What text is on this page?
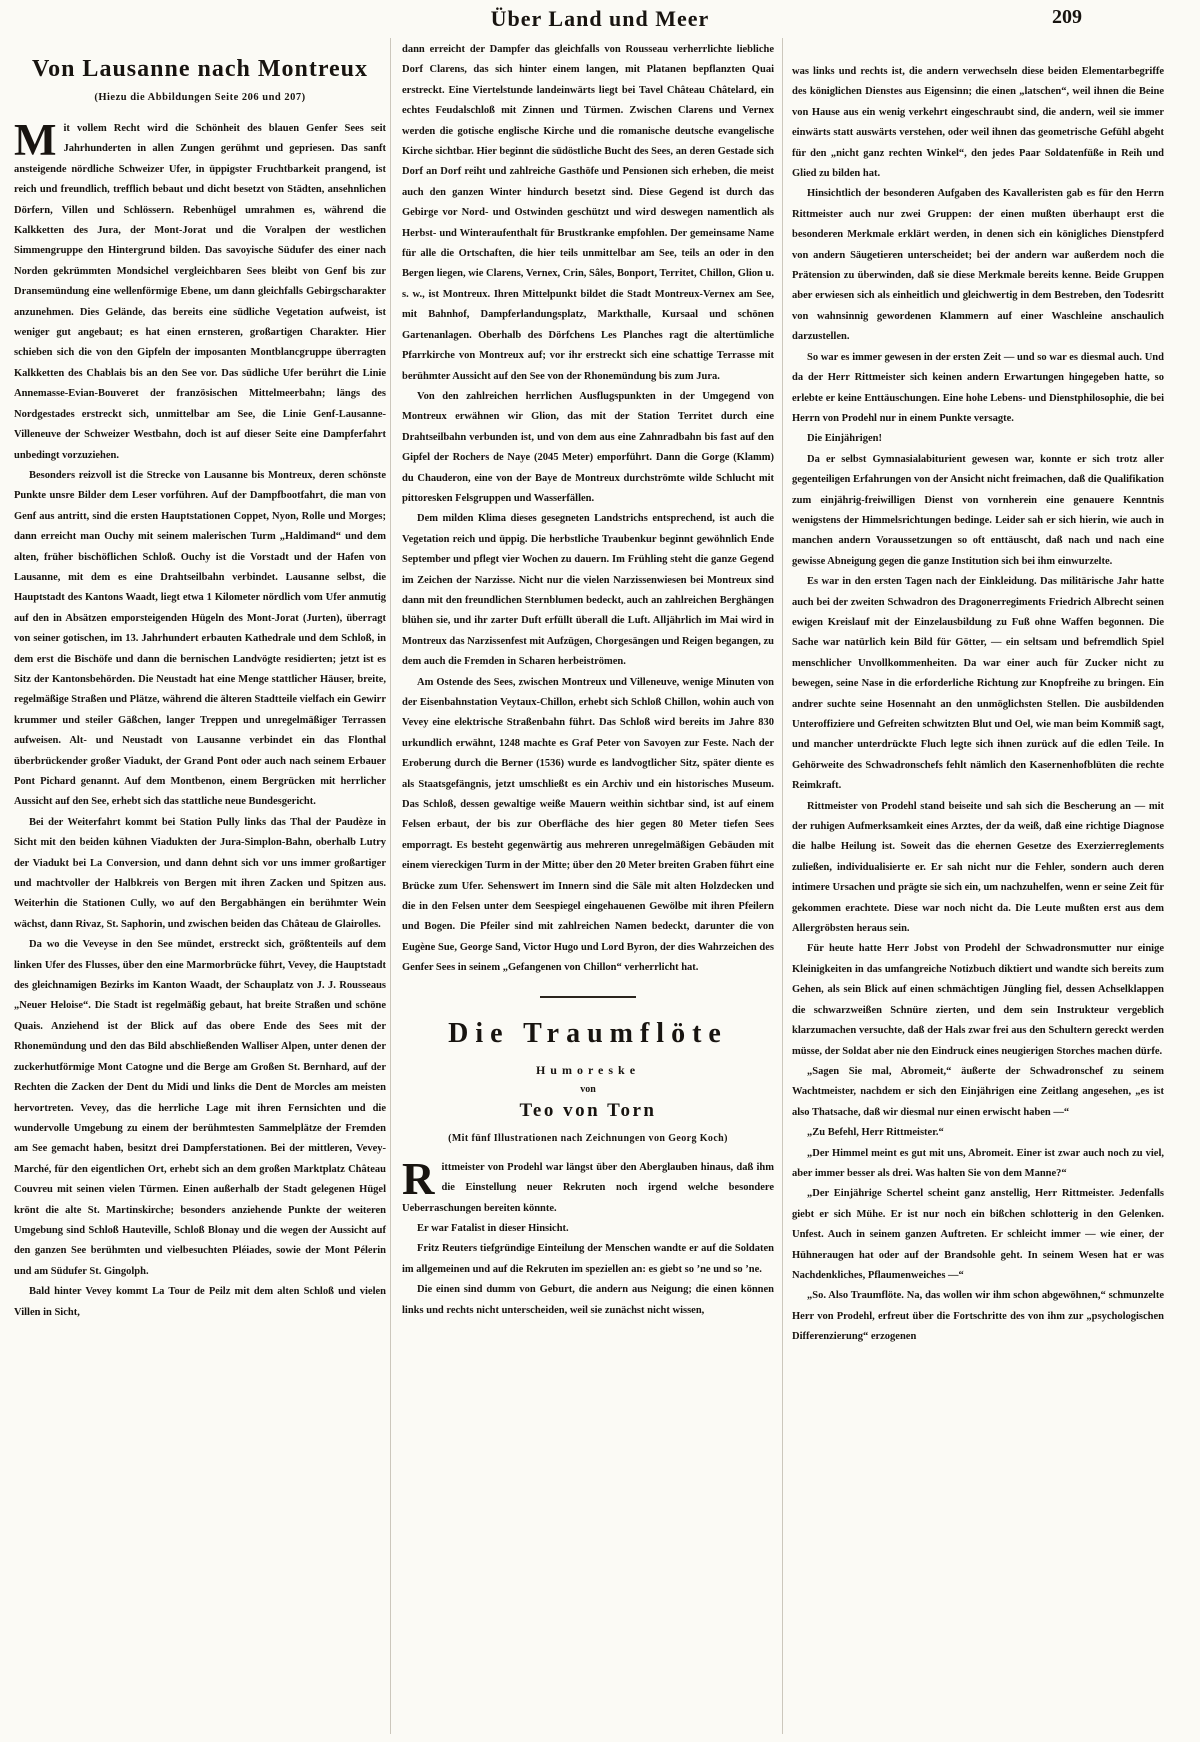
Über Land und Meer	209
Von Lausanne nach Montreux
(Hiezu die Abbildungen Seite 206 und 207)

Mit vollem Recht wird die Schönheit des blauen Genfer Sees seit Jahrhunderten in allen Zungen gerühmt und gepriesen. Das sanft ansteigende nördliche Schweizer Ufer, in üppigster Fruchtbarkeit prangend, ist reich und freundlich, trefflich bebaut und dicht besetzt von Städten, ansehnlichen Dörfern, Villen und Schlössern. Rebenhügel umrahmen es, während die Kalkketten des Jura, der Mont-Jorat und die Voralpen der westlichen Simmengruppe den Hintergrund bilden. Das savoyische Südufer des einer nach Norden gekrümmten Mondsichel vergleichbaren Sees bleibt von Genf bis zur Dransemündung eine wellenförmige Ebene, um dann gleichfalls Gebirgscharakter anzunehmen. Dies Gelände, das bereits eine südliche Vegetation aufweist, ist weniger gut angebaut; es hat einen ernsteren, großartigen Charakter. Hier schieben sich die von den Gipfeln der imposanten Montblancgruppe überragten Kalkketten des Chablais bis an den See vor. Das südliche Ufer berührt die Linie Annemasse-Evian-Bouveret der französischen Mittelmeerbahn; längs des Nordgestades erstreckt sich, unmittelbar am See, die Linie Genf-Lausanne-Villeneuve der Schweizer Westbahn, doch ist auf dieser Seite eine Dampferfahrt unbedingt vorzuziehen.

Besonders reizvoll ist die Strecke von Lausanne bis Montreux, deren schönste Punkte unsre Bilder dem Leser vorführen. Auf der Dampfbootfahrt, die man von Genf aus antritt, sind die ersten Hauptstationen Coppet, Nyon, Rolle und Morges; dann erreicht man Ouchy mit seinem malerischen Turm „Haldimand“ und dem alten, früher bischöflichen Schloß. Ouchy ist die Vorstadt und der Hafen von Lausanne, mit dem es eine Drahtseilbahn verbindet. Lausanne selbst, die Hauptstadt des Kantons Waadt, liegt etwa 1 Kilometer nördlich vom Ufer anmutig auf den in Absätzen emporsteigenden Hügeln des Mont-Jorat (Jurten), überragt von seiner gotischen, im 13. Jahrhundert erbauten Kathedrale und dem Schloß, in dem erst die Bischöfe und dann die bernischen Landvögte residierten; jetzt ist es Sitz der Kantonsbehörden. Die Neustadt hat eine Menge stattlicher Häuser, breite, regelmäßige Straßen und Plätze, während die älteren Stadtteile vielfach ein Gewirr krummer und steiler Gäßchen, langer Treppen und unregelmäßiger Terrassen aufweisen. Alt- und Neustadt von Lausanne verbindet ein das Flonthal überbrückender großer Viadukt, der Grand Pont oder auch nach seinem Erbauer Pont Pichard genannt. Auf dem Montbenon, einem Bergrücken mit herrlicher Aussicht auf den See, erhebt sich das stattliche neue Bundesgericht.

Bei der Weiterfahrt kommt bei Station Pully links das Thal der Paudèze in Sicht mit den beiden kühnen Viadukten der Jura-Simplon-Bahn, oberhalb Lutry der Viadukt bei La Conversion, und dann dehnt sich vor uns immer großartiger und machtvoller der Halbkreis von Bergen mit ihren Zacken und Spitzen aus. Weiterhin die Stationen Cully, wo auf den Bergabhängen ein berühmter Wein wächst, dann Rivaz, St. Saphorin, und zwischen beiden das Château de Glairolles.

Da wo die Veveyse in den See mündet, erstreckt sich, größtenteils auf dem linken Ufer des Flusses, über den eine Marmorbrücke führt, Vevey, die Hauptstadt des gleichnamigen Bezirks im Kanton Waadt, der Schauplatz von J. J. Rousseaus „Neuer Heloise“. Die Stadt ist regelmäßig gebaut, hat breite Straßen und schöne Quais. Anziehend ist der Blick auf das obere Ende des Sees mit der Rhonemündung und den das Bild abschließenden Walliser Alpen, unter denen der zuckerhutförmige Mont Catogne und die Berge am Großen St. Bernhard, auf der Rechten die Zacken der Dent du Midi und links die Dent de Morcles am meisten hervortreten. Vevey, das die herrliche Lage mit ihren Fernsichten und die wundervolle Umgebung zu einem der berühmtesten Sammelplätze der Fremden am See gemacht haben, besitzt drei Dampferstationen. Bei der mittleren, Vevey-Marché, für den eigentlichen Ort, erhebt sich an dem großen Marktplatz Château Couvreu mit seinen vielen Türmen. Einen außerhalb der Stadt gelegenen Hügel krönt die alte St. Martinskirche; besonders anziehende Punkte der weiteren Umgebung sind Schloß Hauteville, Schloß Blonay und die wegen der Aussicht auf den ganzen See berühmten und vielbesuchten Pléiades, sowie der Mont Pélerin und am Südufer St. Gingolph.

Bald hinter Vevey kommt La Tour de Peilz mit dem alten Schloß und vielen Villen in Sicht,

dann erreicht der Dampfer das gleichfalls von Rousseau verherrlichte liebliche Dorf Clarens, das sich hinter einem langen, mit Platanen bepflanzten Quai erstreckt. Eine Viertelstunde landeinwärts liegt bei Tavel Château Châtelard, ein echtes Feudalschloß mit Zinnen und Türmen. Zwischen Clarens und Vernex werden die gotische englische Kirche und die romanische deutsche evangelische Kirche sichtbar. Hier beginnt die südöstliche Bucht des Sees, an deren Gestade sich Dorf an Dorf reiht und zahlreiche Gasthöfe und Pensionen sich erheben, die meist auch den ganzen Winter hindurch besetzt sind. Diese Gegend ist durch das Gebirge vor Nord- und Ostwinden geschützt und wird deswegen namentlich als Herbst- und Winteraufenthalt für Brustkranke empfohlen. Der gemeinsame Name für alle die Ortschaften, die hier teils unmittelbar am See, teils an oder in den Bergen liegen, wie Clarens, Vernex, Crin, Sâles, Bonport, Territet, Chillon, Glion u. s. w., ist Montreux. Ihren Mittelpunkt bildet die Stadt Montreux-Vernex am See, mit Bahnhof, Dampferlandungsplatz, Markthalle, Kursaal und schönen Gartenanlagen. Oberhalb des Dörfchens Les Planches ragt die altertümliche Pfarrkirche von Montreux auf; vor ihr erstreckt sich eine schattige Terrasse mit berühmter Aussicht auf den See von der Rhonemündung bis zum Jura.

Von den zahlreichen herrlichen Ausflugspunkten in der Umgegend von Montreux erwähnen wir Glion, das mit der Station Territet durch eine Drahtseilbahn verbunden ist, und von dem aus eine Zahnradbahn bis fast auf den Gipfel der Rochers de Naye (2045 Meter) emporführt. Dann die Gorge (Klamm) du Chauderon, eine von der Baye de Montreux durchströmte wilde Schlucht mit pittoresken Felsgruppen und Wasserfällen.

Dem milden Klima dieses gesegneten Landstrichs entsprechend, ist auch die Vegetation reich und üppig. Die herbstliche Traubenkur beginnt gewöhnlich Ende September und pflegt vier Wochen zu dauern. Im Frühling steht die ganze Gegend im Zeichen der Narzisse. Nicht nur die vielen Narzissenwiesen bei Montreux sind dann mit den freundlichen Sternblumen bedeckt, auch an zahlreichen Berghängen blühen sie, und ihr zarter Duft erfüllt überall die Luft. Alljährlich im Mai wird in Montreux das Narzissenfest mit Aufzügen, Chorgesängen und Reigen begangen, zu dem auch die Fremden in Scharen herbeiströmen.

Am Ostende des Sees, zwischen Montreux und Villeneuve, wenige Minuten von der Eisenbahnstation Veytaux-Chillon, erhebt sich Schloß Chillon, wohin auch von Vevey eine elektrische Straßenbahn führt. Das Schloß wird bereits im Jahre 830 urkundlich erwähnt, 1248 machte es Graf Peter von Savoyen zur Feste. Nach der Eroberung durch die Berner (1536) wurde es landvogtlicher Sitz, später diente es als Staatsgefängnis, jetzt umschließt es ein Archiv und ein historisches Museum. Das Schloß, dessen gewaltige weiße Mauern weithin sichtbar sind, ist auf einem Felsen erbaut, der bis zur Oberfläche des hier gegen 80 Meter tiefen Sees emporragt. Es besteht gegenwärtig aus mehreren unregelmäßigen Gebäuden mit einem viereckigen Turm in der Mitte; über den 20 Meter breiten Graben führt eine Brücke zum Ufer. Sehenswert im Innern sind die Säle mit alten Holzdecken und die in den Felsen unter dem Seespiegel eingehauenen Gewölbe mit ihren Pfeilern und Bogen. Die Pfeiler sind mit zahlreichen Namen bedeckt, darunter die von Eugène Sue, George Sand, Victor Hugo und Lord Byron, der dies Wahrzeichen des Genfer Sees in seinem „Gefangenen von Chillon“ verherrlicht hat.

Die Traumflöte
Humoreske
von
Teo von Torn
(Mit fünf Illustrationen nach Zeichnungen von Georg Koch)

Rittmeister von Prodehl war längst über den Aberglauben hinaus, daß ihm die Einstellung neuer Rekruten noch irgend welche besondere Ueberraschungen bereiten könnte.

Er war Fatalist in dieser Hinsicht.

Fritz Reuters tiefgründige Einteilung der Menschen wandte er auf die Soldaten im allgemeinen und auf die Rekruten im speziellen an: es giebt so ’ne und so ’ne.

Die einen sind dumm von Geburt, die andern aus Neigung; die einen können links und rechts nicht unterscheiden, weil sie zunächst nicht wissen,

was links und rechts ist, die andern verwechseln diese beiden Elementarbegriffe des königlichen Dienstes aus Eigensinn; die einen „latschen“, weil ihnen die Beine von Hause aus ein wenig verkehrt eingeschraubt sind, die andern, weil sie immer einwärts statt auswärts verstehen, oder weil ihnen das geometrische Gefühl abgeht für den „nicht ganz rechten Winkel“, den jedes Paar Soldatenfüße in Reih und Glied zu bilden hat.

Hinsichtlich der besonderen Aufgaben des Kavalleristen gab es für den Herrn Rittmeister auch nur zwei Gruppen: der einen mußten überhaupt erst die besonderen Merkmale erklärt werden, in denen sich ein königliches Dienstpferd von andern Säugetieren unterscheidet; bei der andern war außerdem noch die Prätension zu überwinden, daß sie diese Merkmale bereits kenne. Beide Gruppen aber erwiesen sich als einheitlich und gleichwertig in dem Bestreben, den Todesritt von wahnsinnig gewordenen Klammern auf einer Waschleine anschaulich darzustellen.

So war es immer gewesen in der ersten Zeit — und so war es diesmal auch. Und da der Herr Rittmeister sich keinen andern Erwartungen hingegeben hatte, so erlebte er keine Enttäuschungen. Eine hohe Lebens- und Dienstphilosophie, die bei Herrn von Prodehl nur in einem Punkte versagte.

Die Einjährigen!

Da er selbst Gymnasialabiturient gewesen war, konnte er sich trotz aller gegenteiligen Erfahrungen von der Ansicht nicht freimachen, daß die Qualifikation zum einjährig-freiwilligen Dienst von vornherein eine genauere Kenntnis wenigstens der Himmelsrichtungen bedinge. Leider sah er sich hierin, wie auch in manchen andern Voraussetzungen so oft enttäuscht, daß nach und nach eine gewisse Abneigung gegen die ganze Institution sich bei ihm einwurzelte.

Es war in den ersten Tagen nach der Einkleidung. Das militärische Jahr hatte auch bei der zweiten Schwadron des Dragonerregiments Friedrich Albrecht seinen ewigen Kreislauf mit der Einzelausbildung zu Fuß ohne Waffen begonnen. Die Sache war natürlich kein Bild für Götter, — ein seltsam und befremdlich Spiel menschlicher Unvollkommenheiten. Da war einer auch für Zucker nicht zu bewegen, seine Nase in die erforderliche Richtung zur Knopfreihe zu bringen. Ein andrer suchte seine Hosennaht an den unmöglichsten Stellen. Die ausbildenden Unteroffiziere und Gefreiten schwitzten Blut und Oel, wie man beim Kommiß sagt, und mancher unterdrückte Fluch legte sich ihnen zurück auf die edlen Teile. In Gehörweite des Schwadronschefs fehlt nämlich den Kasernenhofblüten die rechte Reimkraft.

Rittmeister von Prodehl stand beiseite und sah sich die Bescherung an — mit der ruhigen Aufmerksamkeit eines Arztes, der da weiß, daß eine richtige Diagnose die halbe Heilung ist. Soweit das die ehernen Gesetze des Exerzierreglements zuließen, individualisierte er. Er sah nicht nur die Fehler, sondern auch deren intimere Ursachen und prägte sie sich ein, um nachzuhelfen, wenn er seine Zeit für gekommen erachtete. Diese war noch nicht da. Die Leute mußten erst aus dem Allergröbsten heraus sein.

Für heute hatte Herr Jobst von Prodehl der Schwadronsmutter nur einige Kleinigkeiten in das umfangreiche Notizbuch diktiert und wandte sich bereits zum Gehen, als sein Blick auf einen schmächtigen Jüngling fiel, dessen Achselklappen die schwarzweißen Schnüre zierten, und dem sein Instrukteur vergeblich klarzumachen versuchte, daß der Hals zwar frei aus den Schultern gereckt werden müsse, der Soldat aber nie den Eindruck eines neugierigen Storches machen dürfe.

„Sagen Sie mal, Abromeit,“ äußerte der Schwadronschef zu seinem Wachtmeister, nachdem er sich den Einjährigen eine Zeitlang angesehen, „es ist also Thatsache, daß wir diesmal nur einen erwischt haben —“

„Zu Befehl, Herr Rittmeister.“

„Der Himmel meint es gut mit uns, Abromeit. Einer ist zwar auch noch zu viel, aber immer besser als drei. Was halten Sie von dem Manne?“

„Der Einjährige Schertel scheint ganz anstellig, Herr Rittmeister. Jedenfalls giebt er sich Mühe. Er ist nur noch ein bißchen schlotterig in den Gelenken. Unfest. Auch in seinem ganzen Auftreten. Er schleicht immer — wie einer, der Hühneraugen hat oder auf der Brandsohle geht. In seinem Wesen hat er was Nachdenkliches, Pflaumenweiches —“

„So. Also Traumflöte. Na, das wollen wir ihm schon abgewöhnen,“ schmunzelte Herr von Prodehl, erfreut über die Fortschritte des von ihm zur „psychologischen Differenzierung“ erzogenen
